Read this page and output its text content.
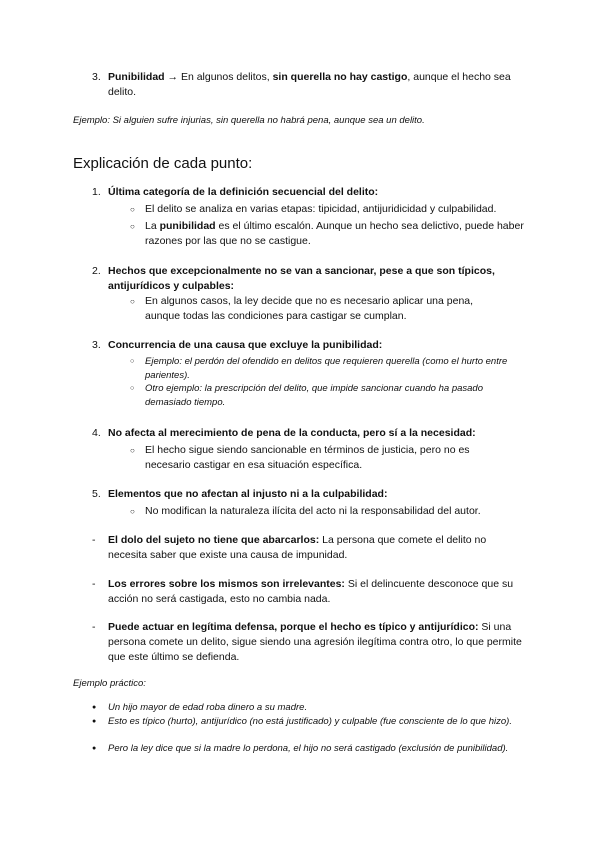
3. Punibilidad → En algunos delitos, sin querella no hay castigo, aunque el hecho sea delito.
Ejemplo: Si alguien sufre injurias, sin querella no habrá pena, aunque sea un delito.
Explicación de cada punto:
1. Última categoría de la definición secuencial del delito:
○ El delito se analiza en varias etapas: tipicidad, antijuridicidad y culpabilidad.
○ La punibilidad es el último escalón. Aunque un hecho sea delictivo, puede haber razones por las que no se castigue.
2. Hechos que excepcionalmente no se van a sancionar, pese a que son típicos, antijurídicos y culpables:
○ En algunos casos, la ley decide que no es necesario aplicar una pena, aunque todas las condiciones para castigar se cumplan.
3. Concurrencia de una causa que excluye la punibilidad:
○ Ejemplo: el perdón del ofendido en delitos que requieren querella (como el hurto entre parientes).
○ Otro ejemplo: la prescripción del delito, que impide sancionar cuando ha pasado demasiado tiempo.
4. No afecta al merecimiento de pena de la conducta, pero sí a la necesidad:
○ El hecho sigue siendo sancionable en términos de justicia, pero no es necesario castigar en esa situación específica.
5. Elementos que no afectan al injusto ni a la culpabilidad:
○ No modifican la naturaleza ilícita del acto ni la responsabilidad del autor.
- El dolo del sujeto no tiene que abarcarlos: La persona que comete el delito no necesita saber que existe una causa de impunidad.
- Los errores sobre los mismos son irrelevantes: Si el delincuente desconoce que su acción no será castigada, esto no cambia nada.
- Puede actuar en legítima defensa, porque el hecho es típico y antijurídico: Si una persona comete un delito, sigue siendo una agresión ilegítima contra otro, lo que permite que este último se defienda.
Ejemplo práctico:
● Un hijo mayor de edad roba dinero a su madre.
● Esto es típico (hurto), antijurídico (no está justificado) y culpable (fue consciente de lo que hizo).
● Pero la ley dice que si la madre lo perdona, el hijo no será castigado (exclusión de punibilidad).
